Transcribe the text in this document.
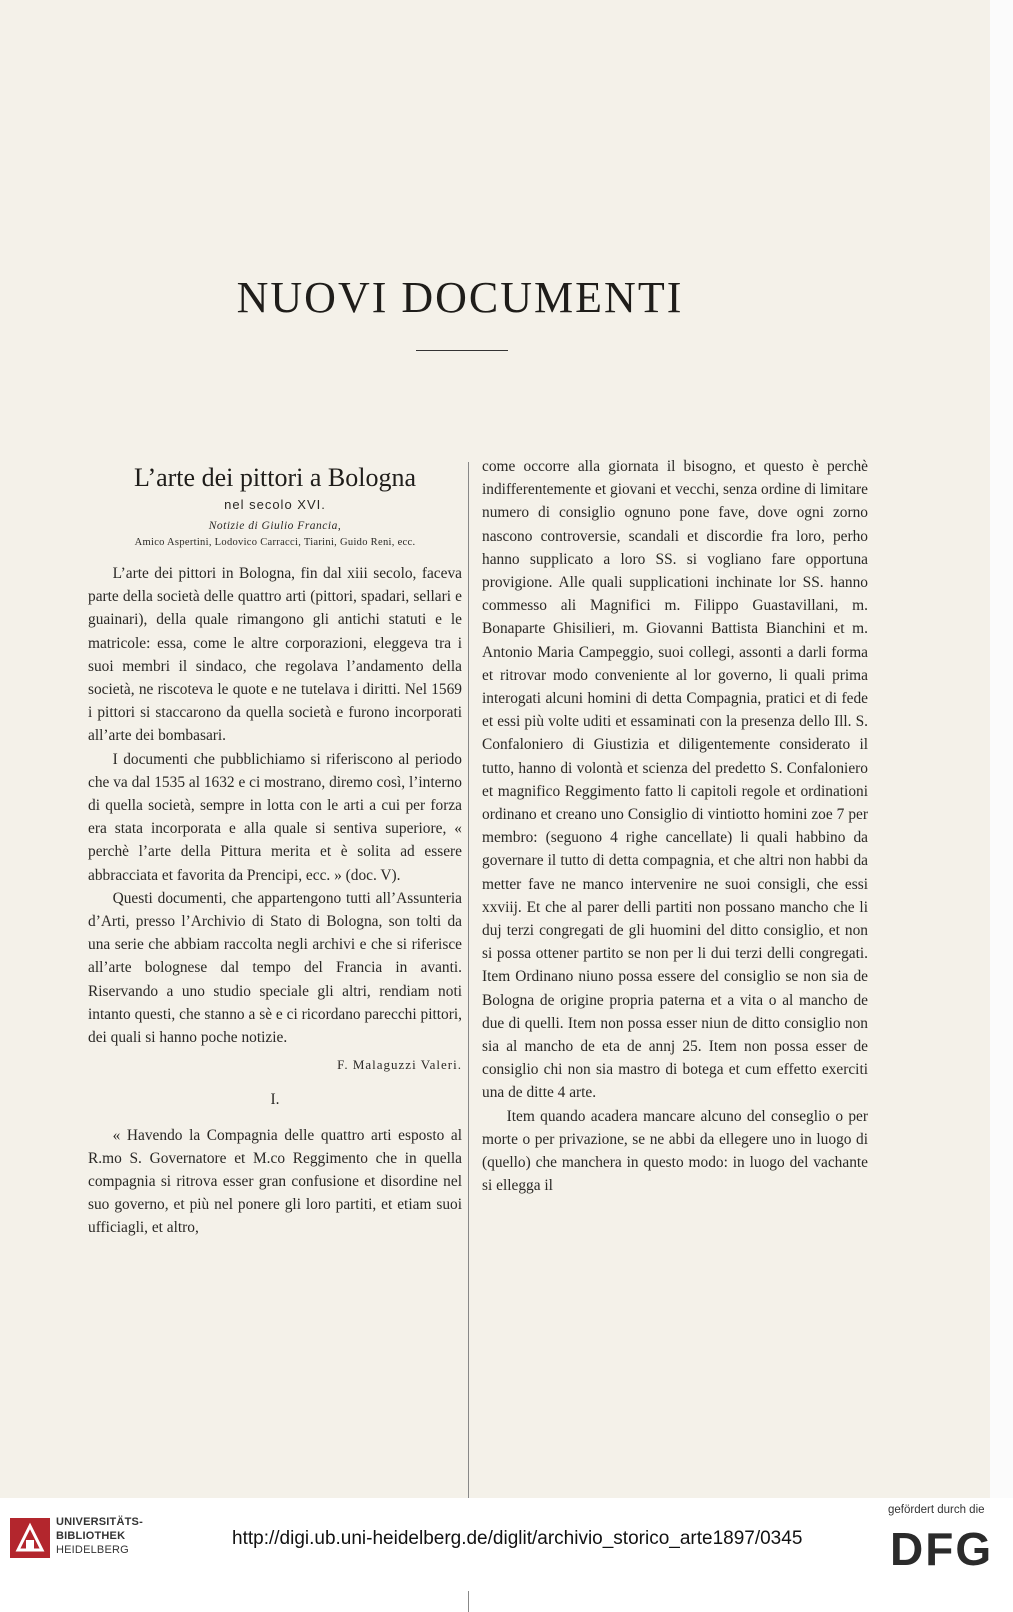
NUOVI DOCUMENTI
L’arte dei pittori a Bologna

nel secolo XVI.

Notizie di Giulio Francia,

Amico Aspertini, Lodovico Carracci, Tiarini, Guido Reni, ecc.

L’arte dei pittori in Bologna, fin dal xiii secolo, faceva parte della società delle quattro arti (pittori, spadari, sellari e guainari), della quale rimangono gli antichi statuti e le matricole: essa, come le altre corporazioni, eleggeva tra i suoi membri il sindaco, che regolava l’andamento della società, ne riscoteva le quote e ne tutelava i diritti. Nel 1569 i pittori si staccarono da quella società e furono incorporati all’arte dei bombasari.

I documenti che pubblichiamo si riferiscono al periodo che va dal 1535 al 1632 e ci mostrano, diremo così, l’interno di quella società, sempre in lotta con le arti a cui per forza era stata incorporata e alla quale si sentiva superiore, « perchè l’arte della Pittura merita et è solita ad essere abbracciata et favorita da Prencipi, ecc. » (doc. V).

Questi documenti, che appartengono tutti all’Assunteria d’Arti, presso l’Archivio di Stato di Bologna, son tolti da una serie che abbiam raccolta negli archivi e che si riferisce all’arte bolognese dal tempo del Francia in avanti. Riservando a uno studio speciale gli altri, rendiam noti intanto questi, che stanno a sè e ci ricordano parecchi pittori, dei quali si hanno poche notizie.

F. Malaguzzi Valeri.

I.

« Havendo la Compagnia delle quattro arti esposto al R.mo S. Governatore et M.co Reggimento che in quella compagnia si ritrova esser gran confusione et disordine nel suo governo, et più nel ponere gli loro partiti, et etiam suoi ufficiagli, et altro,

come occorre alla giornata il bisogno, et questo è perchè indifferentemente et giovani et vecchi, senza ordine di limitare numero di consiglio ognuno pone fave, dove ogni zorno nascono controversie, scandali et discordie fra loro, perho hanno supplicato a loro SS. si vogliano fare opportuna provigione. Alle quali supplicationi inchinate lor SS. hanno commesso ali Magnifici m. Filippo Guastavillani, m. Bonaparte Ghisilieri, m. Giovanni Battista Bianchini et m. Antonio Maria Campeggio, suoi collegi, assonti a darli forma et ritrovar modo conveniente al lor governo, li quali prima interogati alcuni homini di detta Compagnia, pratici et di fede et essi più volte uditi et essaminati con la presenza dello Ill. S. Confaloniero di Giustizia et diligentemente considerato il tutto, hanno di volontà et scienza del predetto S. Confaloniero et magnifico Reggimento fatto li capitoli regole et ordinationi ordinano et creano uno Consiglio di vintiotto homini zoe 7 per membro: (seguono 4 righe cancellate) li quali habbino da governare il tutto di detta compagnia, et che altri non habbi da metter fave ne manco intervenire ne suoi consigli, che essi xxviij. Et che al parer delli partiti non possano mancho che li duj terzi congregati de gli huomini del ditto consiglio, et non si possa ottener partito se non per li dui terzi delli congregati. Item Ordinano niuno possa essere del consiglio se non sia de Bologna de origine propria paterna et a vita o al mancho de due di quelli. Item non possa esser niun de ditto consiglio non sia al mancho de eta de annj 25. Item non possa esser de consiglio chi non sia mastro di botega et cum effetto exerciti una de ditte 4 arte.

Item quando acadera mancare alcuno del conseglio o per morte o per privazione, se ne abbi da ellegere uno in luogo di (quello) che manchera in questo modo: in luogo del vachante si ellegga il

UNIVERSITÄTS-
BIBLIOTHEK
HEIDELBERG
http://digi.ub.uni-heidelberg.de/diglit/archivio_storico_arte1897/0345
gefördert durch die
DFG
